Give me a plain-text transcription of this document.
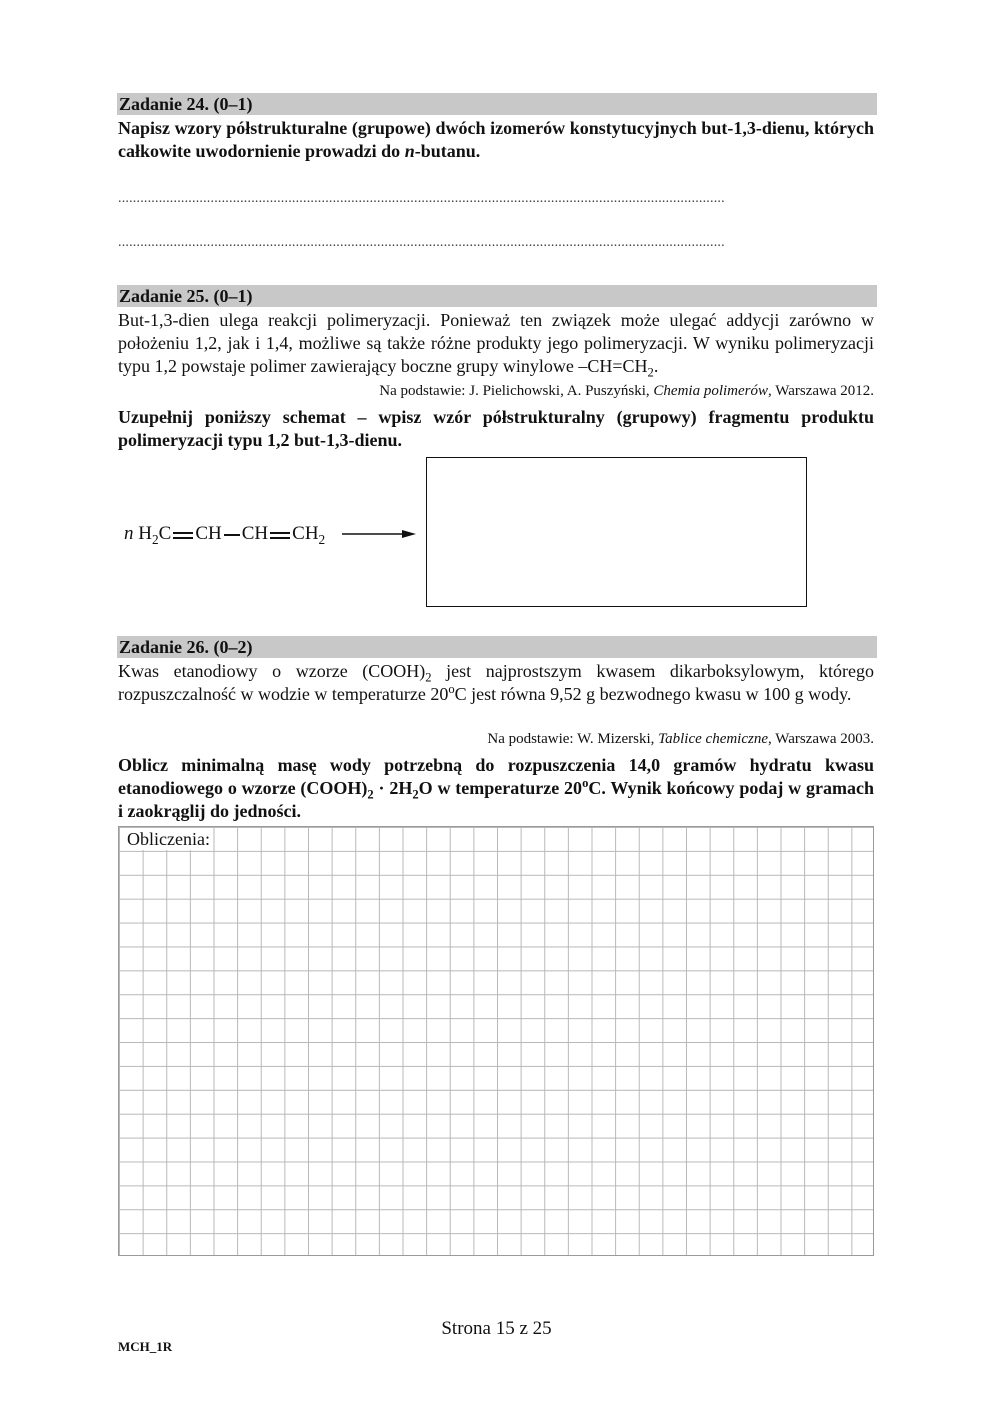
Zadanie 24. (0–1)
Napisz wzory półstrukturalne (grupowe) dwóch izomerów konstytucyjnych but-1,3-dienu, których całkowite uwodornienie prowadzi do n-butanu.
....................................................................................................................................................................
....................................................................................................................................................................
Zadanie 25. (0–1)
But-1,3-dien ulega reakcji polimeryzacji. Ponieważ ten związek może ulegać addycji zarówno w położeniu 1,2, jak i 1,4, możliwe są także różne produkty jego polimeryzacji. W wyniku polimeryzacji typu 1,2 powstaje polimer zawierający boczne grupy winylowe $-CH=CH_2$.
Na podstawie: J. Pielichowski, A. Puszyński, Chemia polimerów, Warszawa 2012.
Uzupełnij poniższy schemat – wpisz wzór półstrukturalny (grupowy) fragmentu produktu polimeryzacji typu 1,2 but-1,3-dienu.
n $H_2C$ CH CH $CH_2$
Zadanie 26. (0–2)
Kwas etanodiowy o wzorze $(COOH)_2$ jest najprostszym kwasem dikarboksylowym, którego rozpuszczalność w wodzie w temperaturze 20$^o$C jest równa 9,52 g bezwodnego kwasu w 100 g wody.
Na podstawie: W. Mizerski, Tablice chemiczne, Warszawa 2003.
Oblicz minimalną masę wody potrzebną do rozpuszczenia 14,0 gramów hydratu kwasu etanodiowego o wzorze $(COOH)_2 \cdot 2H_2O$ w temperaturze 20$^o$C. Wynik końcowy podaj w gramach i zaokrąglij do jedności.
Obliczenia:
Strona 15 z 25
MCH_1R
